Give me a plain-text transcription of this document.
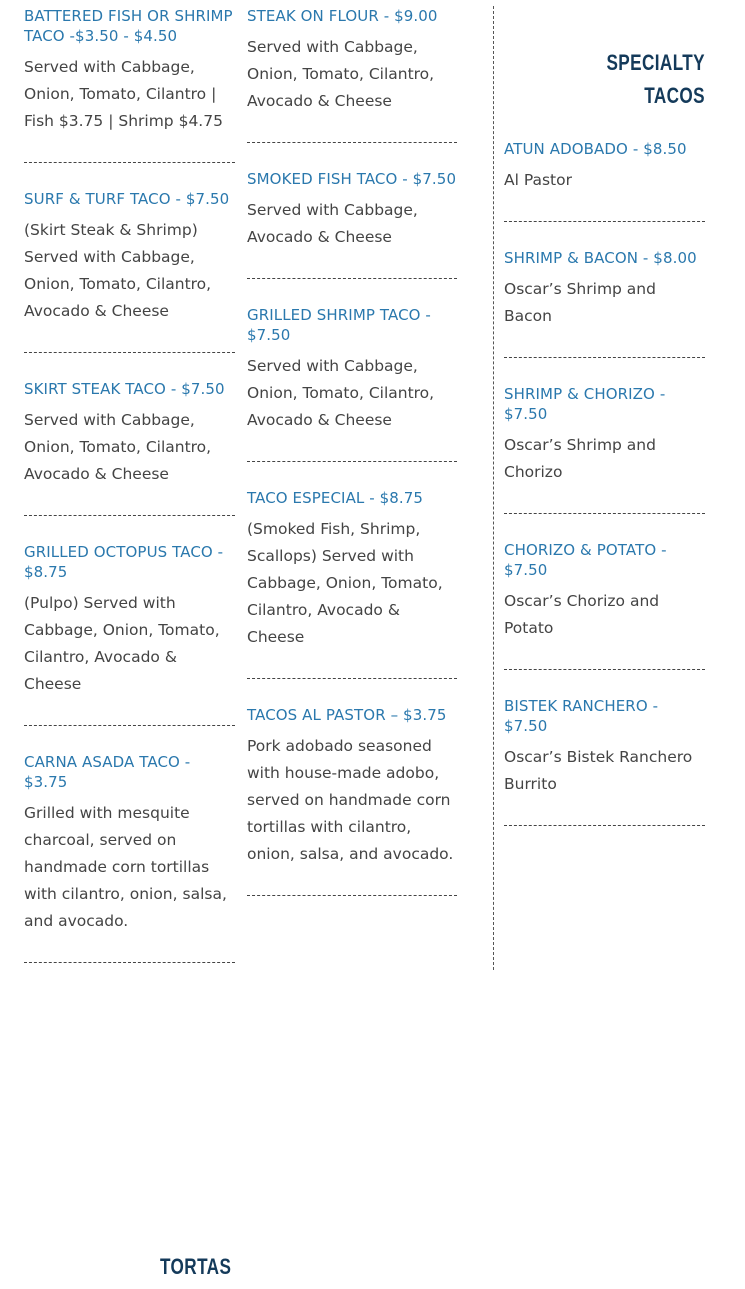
BATTERED FISH OR SHRIMP TACO -$3.50 - $4.50
Served with Cabbage, Onion, Tomato, Cilantro | Fish $3.75 | Shrimp $4.75
SURF & TURF TACO - $7.50
(Skirt Steak & Shrimp) Served with Cabbage, Onion, Tomato, Cilantro, Avocado & Cheese
SKIRT STEAK TACO - $7.50
Served with Cabbage, Onion, Tomato, Cilantro, Avocado & Cheese
GRILLED OCTOPUS TACO - $8.75
(Pulpo) Served with Cabbage, Onion, Tomato, Cilantro, Avocado & Cheese
CARNA ASADA TACO - $3.75
Grilled with mesquite charcoal, served on handmade corn tortillas with cilantro, onion, salsa, and avocado.
STEAK ON FLOUR - $9.00
Served with Cabbage, Onion, Tomato, Cilantro, Avocado & Cheese
SMOKED FISH TACO - $7.50
Served with Cabbage, Avocado & Cheese
GRILLED SHRIMP TACO - $7.50
Served with Cabbage, Onion, Tomato, Cilantro, Avocado & Cheese
TACO ESPECIAL - $8.75
(Smoked Fish, Shrimp, Scallops) Served with Cabbage, Onion, Tomato, Cilantro, Avocado & Cheese
TACOS AL PASTOR – $3.75
Pork adobado seasoned with house-made adobo, served on handmade corn tortillas with cilantro, onion, salsa, and avocado.
SPECIALTY
TACOS
ATUN ADOBADO - $8.50
Al Pastor
SHRIMP & BACON - $8.00
Oscar’s Shrimp and Bacon
SHRIMP & CHORIZO - $7.50
Oscar’s Shrimp and Chorizo
CHORIZO & POTATO - $7.50
Oscar’s Chorizo and Potato
BISTEK RANCHERO - $7.50
Oscar’s Bistek Ranchero Burrito
TORTAS
